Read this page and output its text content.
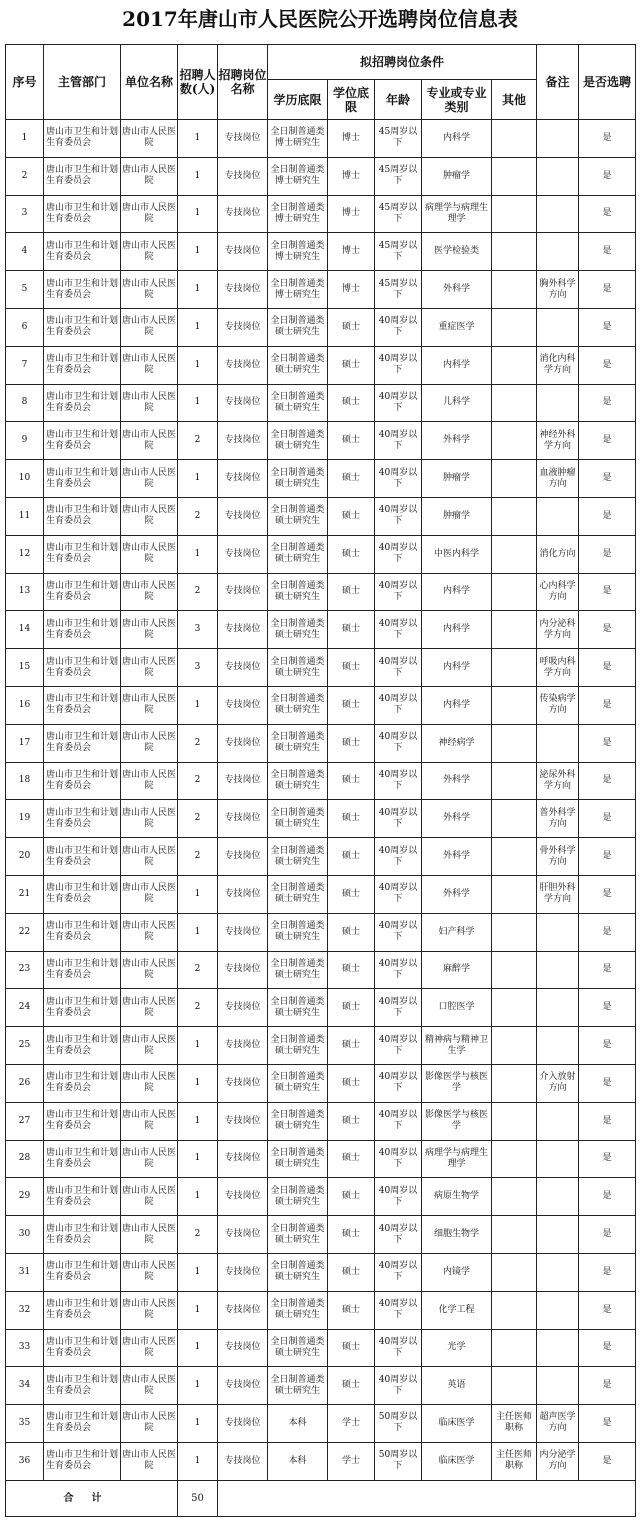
2017年唐山市人民医院公开选聘岗位信息表
序号	主管部门	单位名称	招聘人数(人)	招聘岗位名称	拟招聘岗位条件					备注	是否选聘
					学历底限	学位底限	年龄	专业或专业类别	其他		
1	唐山市卫生和计划生育委员会	唐山市人民医院	1	专技岗位	全日制普通类博士研究生	博士	45周岁以下	内科学			是
2	唐山市卫生和计划生育委员会	唐山市人民医院	1	专技岗位	全日制普通类博士研究生	博士	45周岁以下	肿瘤学			是
3	唐山市卫生和计划生育委员会	唐山市人民医院	1	专技岗位	全日制普通类博士研究生	博士	45周岁以下	病理学与病理生理学			是
4	唐山市卫生和计划生育委员会	唐山市人民医院	1	专技岗位	全日制普通类博士研究生	博士	45周岁以下	医学检验类			是
5	唐山市卫生和计划生育委员会	唐山市人民医院	1	专技岗位	全日制普通类博士研究生	博士	45周岁以下	外科学		胸外科学方向	是
6	唐山市卫生和计划生育委员会	唐山市人民医院	1	专技岗位	全日制普通类硕士研究生	硕士	40周岁以下	重症医学			是
7	唐山市卫生和计划生育委员会	唐山市人民医院	1	专技岗位	全日制普通类硕士研究生	硕士	40周岁以下	内科学		消化内科学方向	是
8	唐山市卫生和计划生育委员会	唐山市人民医院	1	专技岗位	全日制普通类硕士研究生	硕士	40周岁以下	儿科学			是
9	唐山市卫生和计划生育委员会	唐山市人民医院	2	专技岗位	全日制普通类硕士研究生	硕士	40周岁以下	外科学		神经外科学方向	是
10	唐山市卫生和计划生育委员会	唐山市人民医院	1	专技岗位	全日制普通类硕士研究生	硕士	40周岁以下	肿瘤学		血液肿瘤方向	是
11	唐山市卫生和计划生育委员会	唐山市人民医院	2	专技岗位	全日制普通类硕士研究生	硕士	40周岁以下	肿瘤学			是
12	唐山市卫生和计划生育委员会	唐山市人民医院	1	专技岗位	全日制普通类硕士研究生	硕士	40周岁以下	中医内科学		消化方向	是
13	唐山市卫生和计划生育委员会	唐山市人民医院	2	专技岗位	全日制普通类硕士研究生	硕士	40周岁以下	内科学		心内科学方向	是
14	唐山市卫生和计划生育委员会	唐山市人民医院	3	专技岗位	全日制普通类硕士研究生	硕士	40周岁以下	内科学		内分泌科学方向	是
15	唐山市卫生和计划生育委员会	唐山市人民医院	3	专技岗位	全日制普通类硕士研究生	硕士	40周岁以下	内科学		呼吸内科学方向	是
16	唐山市卫生和计划生育委员会	唐山市人民医院	1	专技岗位	全日制普通类硕士研究生	硕士	40周岁以下	内科学		传染病学方向	是
17	唐山市卫生和计划生育委员会	唐山市人民医院	2	专技岗位	全日制普通类硕士研究生	硕士	40周岁以下	神经病学			是
18	唐山市卫生和计划生育委员会	唐山市人民医院	2	专技岗位	全日制普通类硕士研究生	硕士	40周岁以下	外科学		泌尿外科学方向	是
19	唐山市卫生和计划生育委员会	唐山市人民医院	2	专技岗位	全日制普通类硕士研究生	硕士	40周岁以下	外科学		普外科学方向	是
20	唐山市卫生和计划生育委员会	唐山市人民医院	2	专技岗位	全日制普通类硕士研究生	硕士	40周岁以下	外科学		骨外科学方向	是
21	唐山市卫生和计划生育委员会	唐山市人民医院	1	专技岗位	全日制普通类硕士研究生	硕士	40周岁以下	外科学		肝胆外科学方向	是
22	唐山市卫生和计划生育委员会	唐山市人民医院	1	专技岗位	全日制普通类硕士研究生	硕士	40周岁以下	妇产科学			是
23	唐山市卫生和计划生育委员会	唐山市人民医院	2	专技岗位	全日制普通类硕士研究生	硕士	40周岁以下	麻醉学			是
24	唐山市卫生和计划生育委员会	唐山市人民医院	2	专技岗位	全日制普通类硕士研究生	硕士	40周岁以下	口腔医学			是
25	唐山市卫生和计划生育委员会	唐山市人民医院	1	专技岗位	全日制普通类硕士研究生	硕士	40周岁以下	精神病与精神卫生学			是
26	唐山市卫生和计划生育委员会	唐山市人民医院	1	专技岗位	全日制普通类硕士研究生	硕士	40周岁以下	影像医学与核医学		介入放射方向	是
27	唐山市卫生和计划生育委员会	唐山市人民医院	1	专技岗位	全日制普通类硕士研究生	硕士	40周岁以下	影像医学与核医学			是
28	唐山市卫生和计划生育委员会	唐山市人民医院	1	专技岗位	全日制普通类硕士研究生	硕士	40周岁以下	病理学与病理生理学			是
29	唐山市卫生和计划生育委员会	唐山市人民医院	1	专技岗位	全日制普通类硕士研究生	硕士	40周岁以下	病原生物学			是
30	唐山市卫生和计划生育委员会	唐山市人民医院	2	专技岗位	全日制普通类硕士研究生	硕士	40周岁以下	细胞生物学			是
31	唐山市卫生和计划生育委员会	唐山市人民医院	1	专技岗位	全日制普通类硕士研究生	硕士	40周岁以下	内镜学			是
32	唐山市卫生和计划生育委员会	唐山市人民医院	1	专技岗位	全日制普通类硕士研究生	硕士	40周岁以下	化学工程			是
33	唐山市卫生和计划生育委员会	唐山市人民医院	1	专技岗位	全日制普通类硕士研究生	硕士	40周岁以下	光学			是
34	唐山市卫生和计划生育委员会	唐山市人民医院	1	专技岗位	全日制普通类硕士研究生	硕士	40周岁以下	英语			是
35	唐山市卫生和计划生育委员会	唐山市人民医院	1	专技岗位	本科	学士	50周岁以下	临床医学	主任医师职称	超声医学方向	是
36	唐山市卫生和计划生育委员会	唐山市人民医院	1	专技岗位	本科	学士	50周岁以下	临床医学	主任医师职称	内分泌学方向	是
合计			50								
